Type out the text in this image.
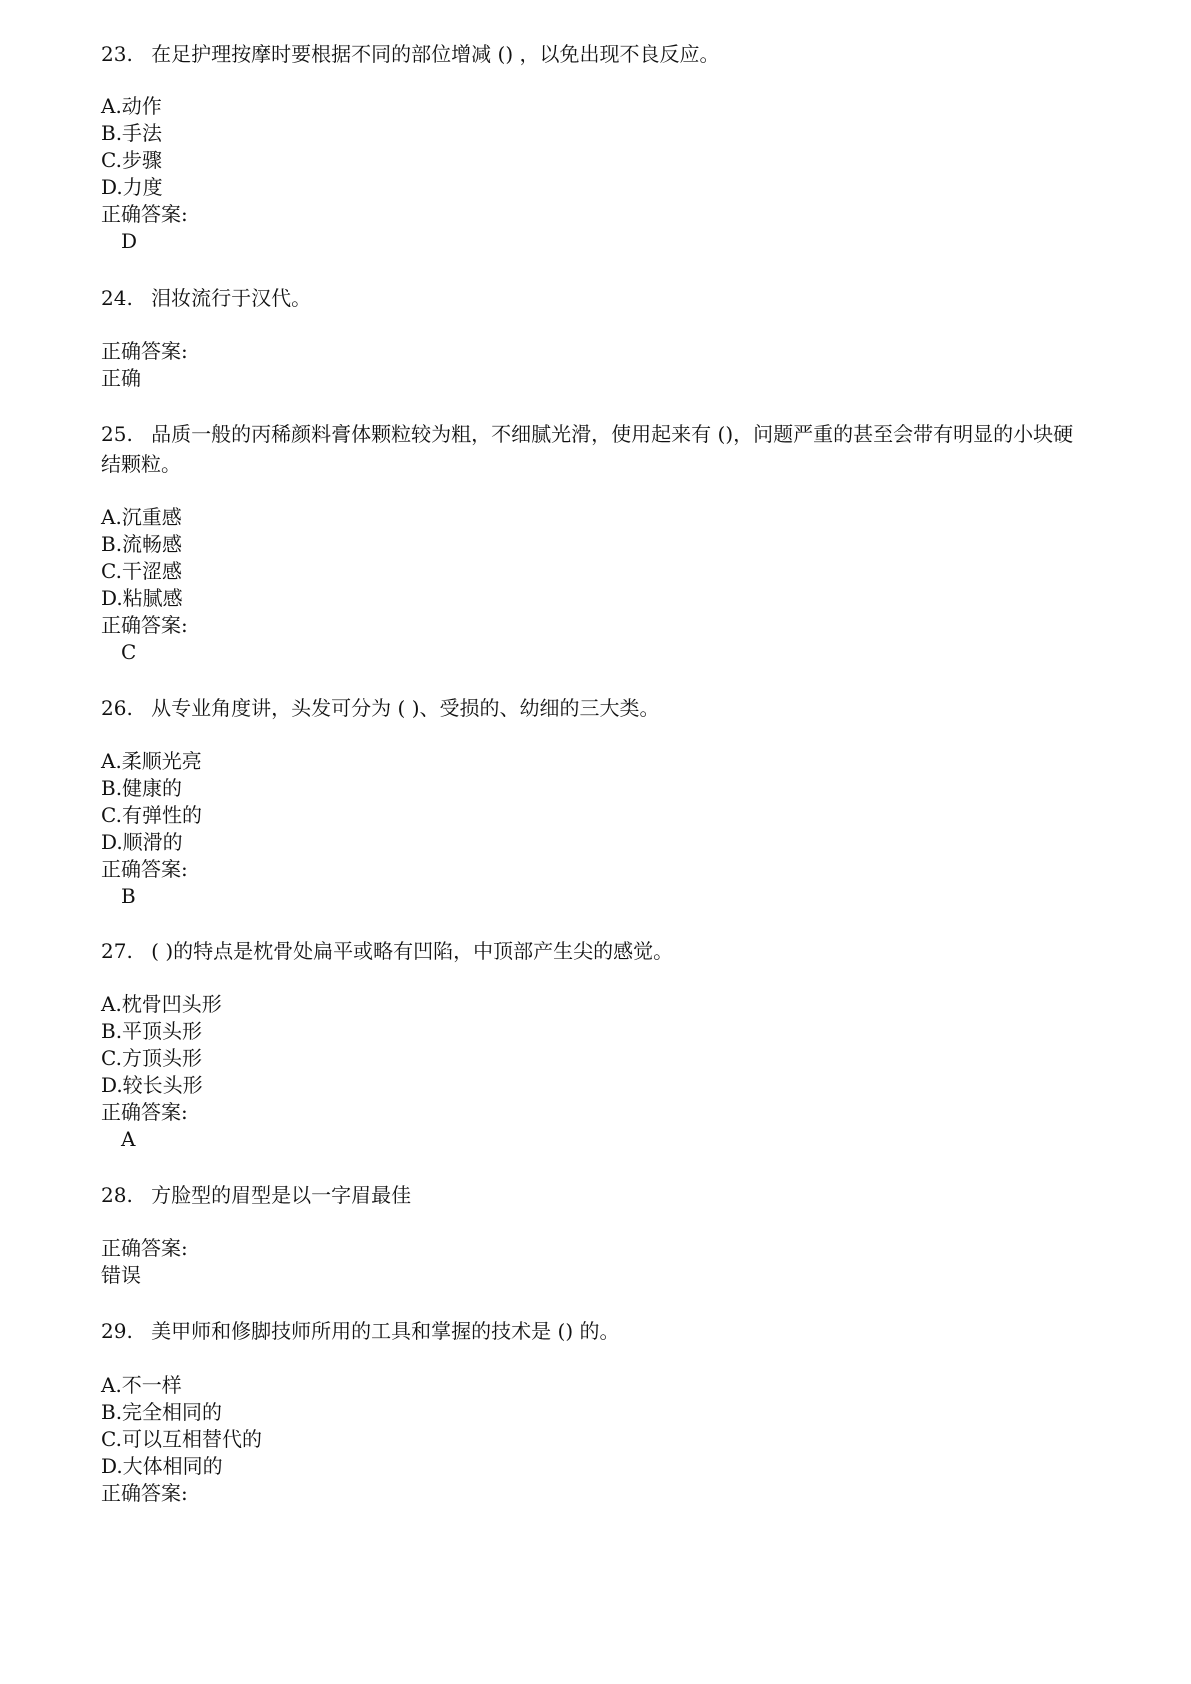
23. 在足护理按摩时要根据不同的部位增减 () ，以免出现不良反应。
A.动作
B.手法
C.步骤
D.力度
正确答案:
D
24. 泪妆流行于汉代。
正确答案:
正确
25. 品质一般的丙稀颜料膏体颗粒较为粗，不细腻光滑，使用起来有 ()，问题严重的甚至会带有明显的小块硬结颗粒。
A.沉重感
B.流畅感
C.干涩感
D.粘腻感
正确答案:
C
26. 从专业角度讲，头发可分为 ( )、受损的、幼细的三大类。
A.柔顺光亮
B.健康的
C.有弹性的
D.顺滑的
正确答案:
B
27. ( )的特点是枕骨处扁平或略有凹陷，中顶部产生尖的感觉。
A.枕骨凹头形
B.平顶头形
C.方顶头形
D.较长头形
正确答案:
A
28. 方脸型的眉型是以一字眉最佳
正确答案:
错误
29. 美甲师和修脚技师所用的工具和掌握的技术是 () 的。
A.不一样
B.完全相同的
C.可以互相替代的
D.大体相同的
正确答案:
